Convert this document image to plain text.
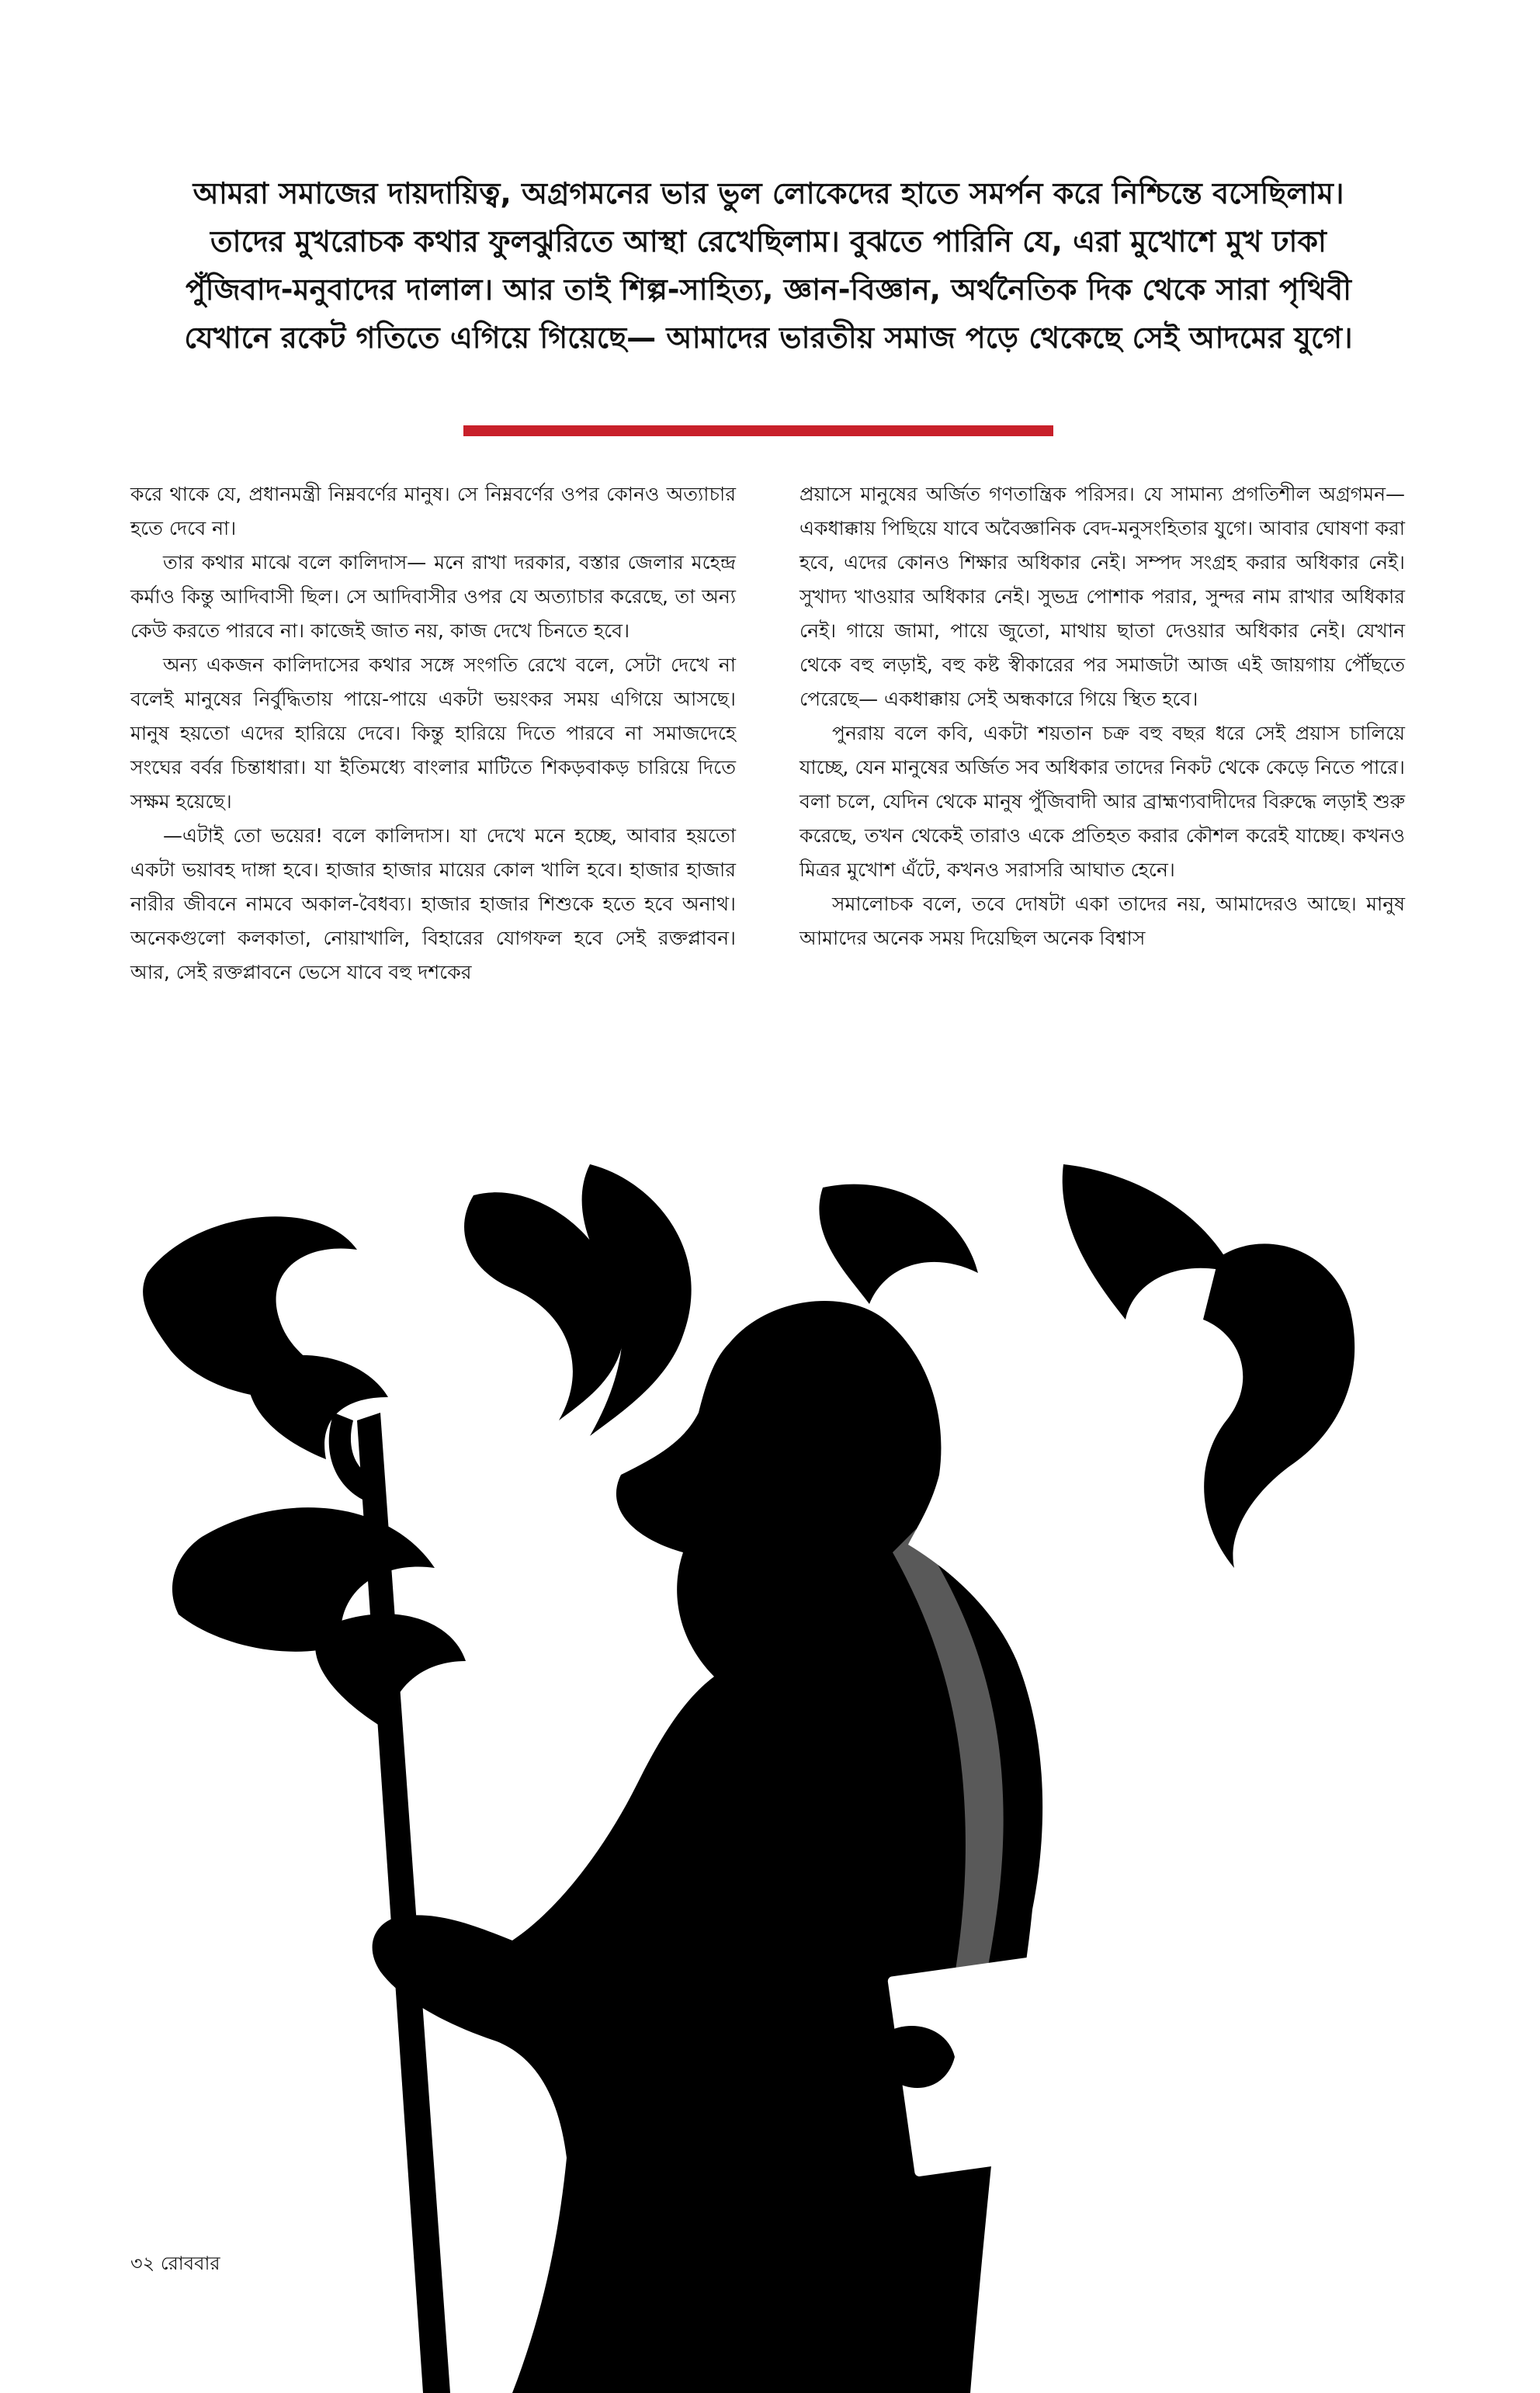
আমরা সমাজের দায়দায়িত্ব, অগ্রগমনের ভার ভুল লোকেদের হাতে সমর্পন করে নিশ্চিন্তে বসেছিলাম। তাদের মুখরোচক কথার ফুলঝুরিতে আস্থা রেখেছিলাম। বুঝতে পারিনি যে, এরা মুখোশে মুখ ঢাকা পুঁজিবাদ-মনুবাদের দালাল। আর তাই শিল্প-সাহিত্য, জ্ঞান-বিজ্ঞান, অর্থনৈতিক দিক থেকে সারা পৃথিবী যেখানে রকেট গতিতে এগিয়ে গিয়েছে— আমাদের ভারতীয় সমাজ পড়ে থেকেছে সেই আদমের যুগে।

করে থাকে যে, প্রধানমন্ত্রী নিম্নবর্ণের মানুষ। সে নিম্নবর্ণের ওপর কোনও অত্যাচার হতে দেবে না।

তার কথার মাঝে বলে কালিদাস— মনে রাখা দরকার, বস্তার জেলার মহেন্দ্র কর্মাও কিন্তু আদিবাসী ছিল। সে আদিবাসীর ওপর যে অত্যাচার করেছে, তা অন্য কেউ করতে পারবে না। কাজেই জাত নয়, কাজ দেখে চিনতে হবে।

অন্য একজন কালিদাসের কথার সঙ্গে সংগতি রেখে বলে, সেটা দেখে না বলেই মানুষের নির্বুদ্ধিতায় পায়ে-পায়ে একটা ভয়ংকর সময় এগিয়ে আসছে। মানুষ হয়তো এদের হারিয়ে দেবে। কিন্তু হারিয়ে দিতে পারবে না সমাজদেহে সংঘের বর্বর চিন্তাধারা। যা ইতিমধ্যে বাংলার মাটিতে শিকড়বাকড় চারিয়ে দিতে সক্ষম হয়েছে।

—এটাই তো ভয়ের! বলে কালিদাস। যা দেখে মনে হচ্ছে, আবার হয়তো একটা ভয়াবহ দাঙ্গা হবে। হাজার হাজার মায়ের কোল খালি হবে। হাজার হাজার নারীর জীবনে নামবে অকাল-বৈধব্য। হাজার হাজার শিশুকে হতে হবে অনাথ। অনেকগুলো কলকাতা, নোয়াখালি, বিহারের যোগফল হবে সেই রক্তপ্লাবন। আর, সেই রক্তপ্লাবনে ভেসে যাবে বহু দশকের

প্রয়াসে মানুষের অর্জিত গণতান্ত্রিক পরিসর। যে সামান্য প্রগতিশীল অগ্রগমন— একধাক্কায় পিছিয়ে যাবে অবৈজ্ঞানিক বেদ-মনুসংহিতার যুগে। আবার ঘোষণা করা হবে, এদের কোনও শিক্ষার অধিকার নেই। সম্পদ সংগ্রহ করার অধিকার নেই। সুখাদ্য খাওয়ার অধিকার নেই। সুভদ্র পোশাক পরার, সুন্দর নাম রাখার অধিকার নেই। গায়ে জামা, পায়ে জুতো, মাথায় ছাতা দেওয়ার অধিকার নেই। যেখান থেকে বহু লড়াই, বহু কষ্ট স্বীকারের পর সমাজটা আজ এই জায়গায় পৌঁছতে পেরেছে— একধাক্কায় সেই অন্ধকারে গিয়ে স্থিত হবে।

পুনরায় বলে কবি, একটা শয়তান চক্র বহু বছর ধরে সেই প্রয়াস চালিয়ে যাচ্ছে, যেন মানুষের অর্জিত সব অধিকার তাদের নিকট থেকে কেড়ে নিতে পারে। বলা চলে, যেদিন থেকে মানুষ পুঁজিবাদী আর ব্রাহ্মণ্যবাদীদের বিরুদ্ধে লড়াই শুরু করেছে, তখন থেকেই তারাও একে প্রতিহত করার কৌশল করেই যাচ্ছে। কখনও মিত্রর মুখোশ এঁটে, কখনও সরাসরি আঘাত হেনে।

সমালোচক বলে, তবে দোষটা একা তাদের নয়, আমাদেরও আছে। মানুষ আমাদের অনেক সময় দিয়েছিল অনেক বিশ্বাস

৩২ রোববার
